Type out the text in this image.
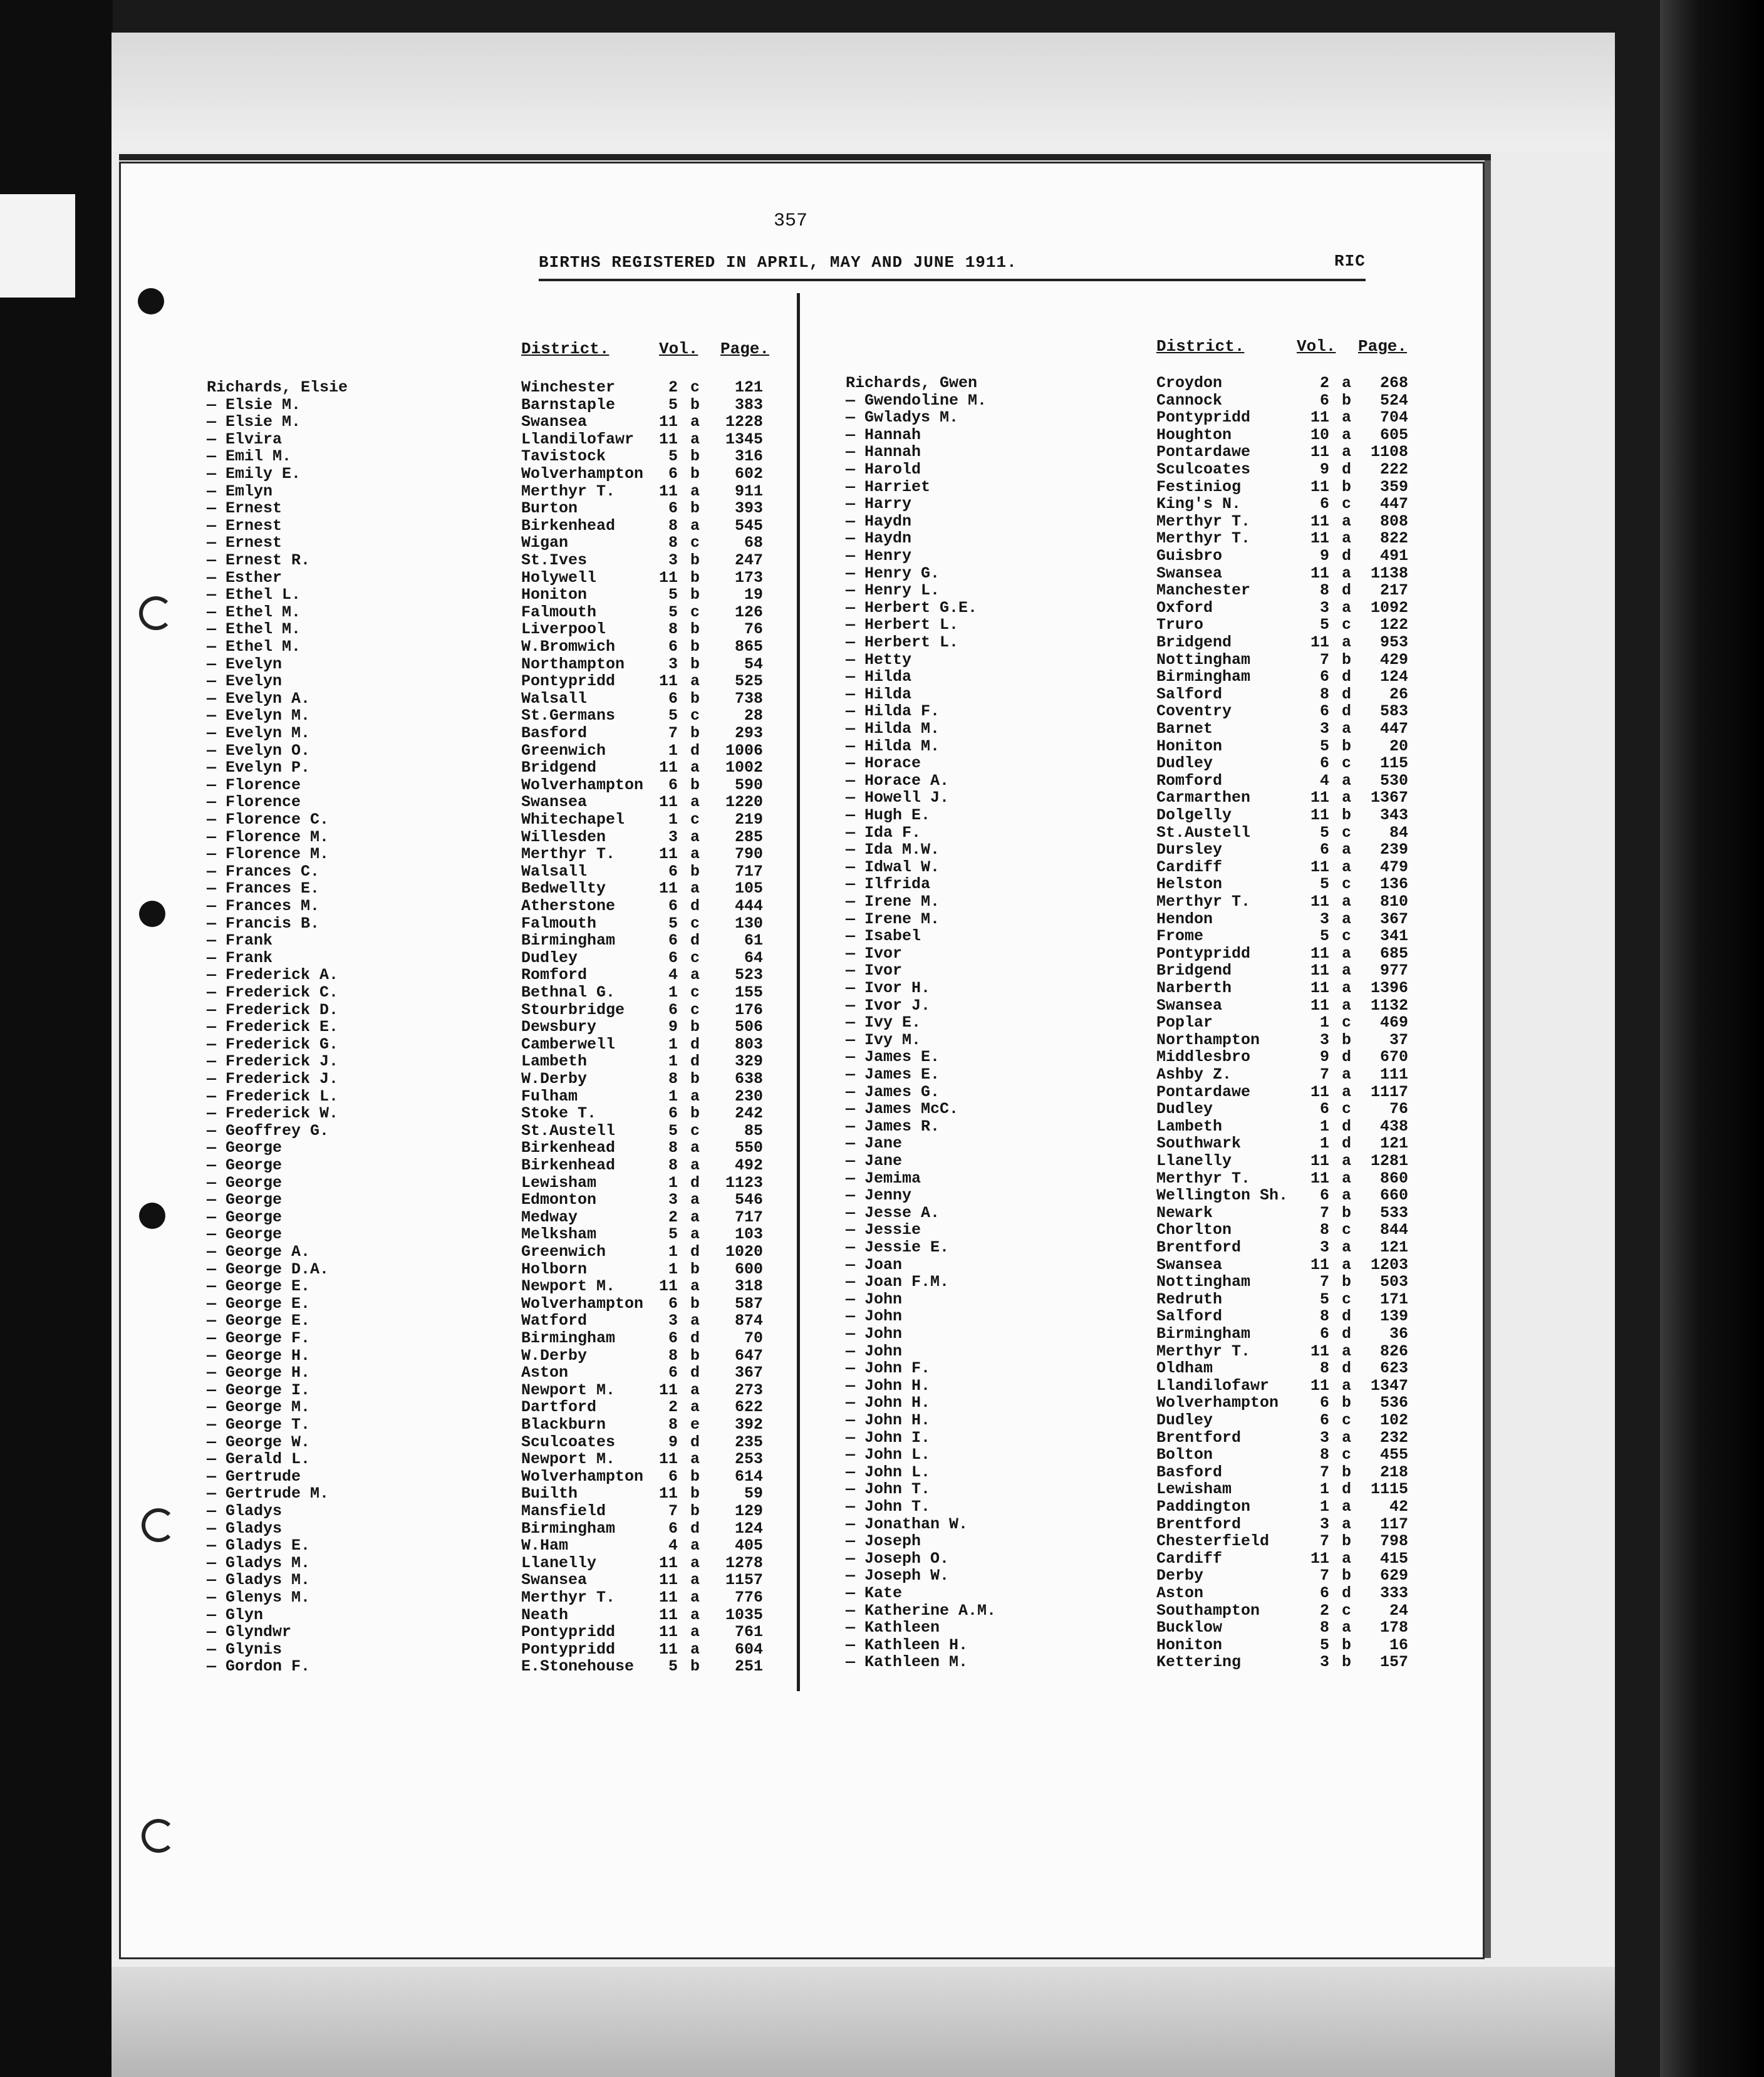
357
BIRTHS REGISTERED IN APRIL, MAY AND JUNE 1911.	RIC
District.	Vol. Page.	District.	Vol. Page.
Richards, Elsie	Winchester	2 c	121
— Elsie M.	Barnstaple	5 b	383
— Elsie M.	Swansea	11 a	1228
— Elvira	Llandilofawr	11 a	1345
— Emil M.	Tavistock	5 b	316
— Emily E.	Wolverhampton	6 b	602
— Emlyn	Merthyr T.	11 a	911
— Ernest	Burton	6 b	393
— Ernest	Birkenhead	8 a	545
— Ernest	Wigan	8 c	68
— Ernest R.	St.Ives	3 b	247
— Esther	Holywell	11 b	173
— Ethel L.	Honiton	5 b	19
— Ethel M.	Falmouth	5 c	126
— Ethel M.	Liverpool	8 b	76
— Ethel M.	W.Bromwich	6 b	865
— Evelyn	Northampton	3 b	54
— Evelyn	Pontypridd	11 a	525
— Evelyn A.	Walsall	6 b	738
— Evelyn M.	St.Germans	5 c	28
— Evelyn M.	Basford	7 b	293
— Evelyn O.	Greenwich	1 d	1006
— Evelyn P.	Bridgend	11 a	1002
— Florence	Wolverhampton	6 b	590
— Florence	Swansea	11 a	1220
— Florence C.	Whitechapel	1 c	219
— Florence M.	Willesden	3 a	285
— Florence M.	Merthyr T.	11 a	790
— Frances C.	Walsall	6 b	717
— Frances E.	Bedwellty	11 a	105
— Frances M.	Atherstone	6 d	444
— Francis B.	Falmouth	5 c	130
— Frank	Birmingham	6 d	61
— Frank	Dudley	6 c	64
— Frederick A.	Romford	4 a	523
— Frederick C.	Bethnal G.	1 c	155
— Frederick D.	Stourbridge	6 c	176
— Frederick E.	Dewsbury	9 b	506
— Frederick G.	Camberwell	1 d	803
— Frederick J.	Lambeth	1 d	329
— Frederick J.	W.Derby	8 b	638
— Frederick L.	Fulham	1 a	230
— Frederick W.	Stoke T.	6 b	242
— Geoffrey G.	St.Austell	5 c	85
— George	Birkenhead	8 a	550
— George	Birkenhead	8 a	492
— George	Lewisham	1 d	1123
— George	Edmonton	3 a	546
— George	Medway	2 a	717
— George	Melksham	5 a	103
— George A.	Greenwich	1 d	1020
— George D.A.	Holborn	1 b	600
— George E.	Newport M.	11 a	318
— George E.	Wolverhampton	6 b	587
— George E.	Watford	3 a	874
— George F.	Birmingham	6 d	70
— George H.	W.Derby	8 b	647
— George H.	Aston	6 d	367
— George I.	Newport M.	11 a	273
— George M.	Dartford	2 a	622
— George T.	Blackburn	8 e	392
— George W.	Sculcoates	9 d	235
— Gerald L.	Newport M.	11 a	253
— Gertrude	Wolverhampton	6 b	614
— Gertrude M.	Builth	11 b	59
— Gladys	Mansfield	7 b	129
— Gladys	Birmingham	6 d	124
— Gladys E.	W.Ham	4 a	405
— Gladys M.	Llanelly	11 a	1278
— Gladys M.	Swansea	11 a	1157
— Glenys M.	Merthyr T.	11 a	776
— Glyn	Neath	11 a	1035
— Glyndwr	Pontypridd	11 a	761
— Glynis	Pontypridd	11 a	604
— Gordon F.	E.Stonehouse	5 b	251
Richards, Gwen	Croydon	2 a	268
— Gwendoline M.	Cannock	6 b	524
— Gwladys M.	Pontypridd	11 a	704
— Hannah	Houghton	10 a	605
— Hannah	Pontardawe	11 a	1108
— Harold	Sculcoates	9 d	222
— Harriet	Festiniog	11 b	359
— Harry	King's N.	6 c	447
— Haydn	Merthyr T.	11 a	808
— Haydn	Merthyr T.	11 a	822
— Henry	Guisbro	9 d	491
— Henry G.	Swansea	11 a	1138
— Henry L.	Manchester	8 d	217
— Herbert G.E.	Oxford	3 a	1092
— Herbert L.	Truro	5 c	122
— Herbert L.	Bridgend	11 a	953
— Hetty	Nottingham	7 b	429
— Hilda	Birmingham	6 d	124
— Hilda	Salford	8 d	26
— Hilda F.	Coventry	6 d	583
— Hilda M.	Barnet	3 a	447
— Hilda M.	Honiton	5 b	20
— Horace	Dudley	6 c	115
— Horace A.	Romford	4 a	530
— Howell J.	Carmarthen	11 a	1367
— Hugh E.	Dolgelly	11 b	343
— Ida F.	St.Austell	5 c	84
— Ida M.W.	Dursley	6 a	239
— Idwal W.	Cardiff	11 a	479
— Ilfrida	Helston	5 c	136
— Irene M.	Merthyr T.	11 a	810
— Irene M.	Hendon	3 a	367
— Isabel	Frome	5 c	341
— Ivor	Pontypridd	11 a	685
— Ivor	Bridgend	11 a	977
— Ivor H.	Narberth	11 a	1396
— Ivor J.	Swansea	11 a	1132
— Ivy E.	Poplar	1 c	469
— Ivy M.	Northampton	3 b	37
— James E.	Middlesbro	9 d	670
— James E.	Ashby Z.	7 a	111
— James G.	Pontardawe	11 a	1117
— James McC.	Dudley	6 c	76
— James R.	Lambeth	1 d	438
— Jane	Southwark	1 d	121
— Jane	Llanelly	11 a	1281
— Jemima	Merthyr T.	11 a	860
— Jenny	Wellington Sh.	6 a	660
— Jesse A.	Newark	7 b	533
— Jessie	Chorlton	8 c	844
— Jessie E.	Brentford	3 a	121
— Joan	Swansea	11 a	1203
— Joan F.M.	Nottingham	7 b	503
— John	Redruth	5 c	171
— John	Salford	8 d	139
— John	Birmingham	6 d	36
— John	Merthyr T.	11 a	826
— John F.	Oldham	8 d	623
— John H.	Llandilofawr	11 a	1347
— John H.	Wolverhampton	6 b	536
— John H.	Dudley	6 c	102
— John I.	Brentford	3 a	232
— John L.	Bolton	8 c	455
— John L.	Basford	7 b	218
— John T.	Lewisham	1 d	1115
— John T.	Paddington	1 a	42
— Jonathan W.	Brentford	3 a	117
— Joseph	Chesterfield	7 b	798
— Joseph O.	Cardiff	11 a	415
— Joseph W.	Derby	7 b	629
— Kate	Aston	6 d	333
— Katherine A.M.	Southampton	2 c	24
— Kathleen	Bucklow	8 a	178
— Kathleen H.	Honiton	5 b	16
— Kathleen M.	Kettering	3 b	157
